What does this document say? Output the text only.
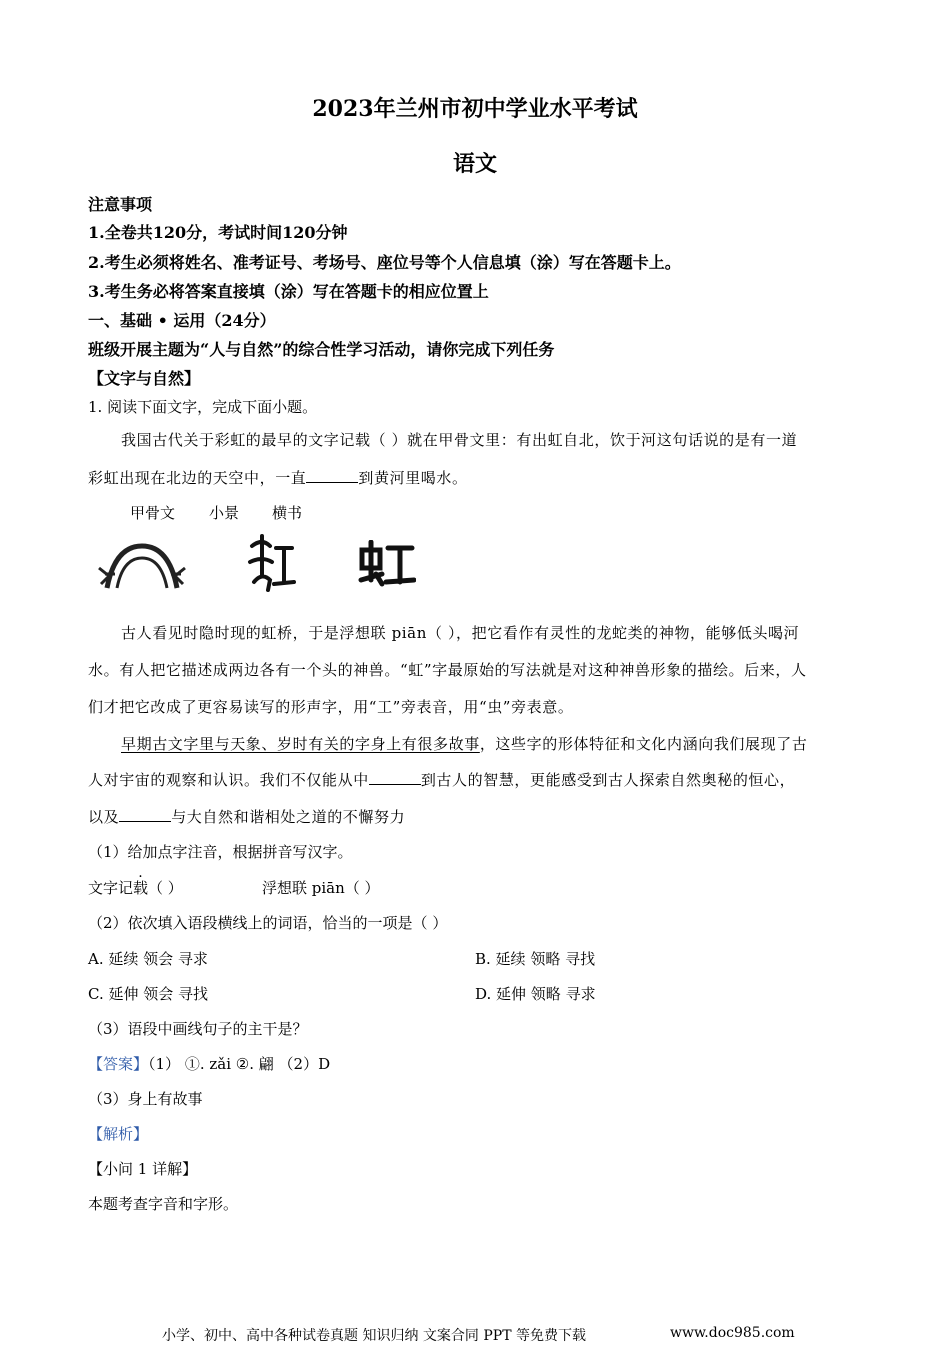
2023年兰州市初中学业水平考试
语文
注意事项
1.全卷共120分，考试时间120分钟
2.考生必须将姓名、准考证号、考场号、座位号等个人信息填（涂）写在答题卡上。
3.考生务必将答案直接填（涂）写在答题卡的相应位置上
一、基础 • 运用（24分）
班级开展主题为“人与自然”的综合性学习活动，请你完成下列任务
【文字与自然】
1. 阅读下面文字，完成下面小题。
我国古代关于彩虹的最早的文字记载（ ）就在甲骨文里：有出虹自北，饮于河这句话说的是有一道
彩虹出现在北边的天空中，一直	到黄河里喝水。
甲骨文 小景 横书
古人看见时隐时现的虹桥，于是浮想联 piān（ ），把它看作有灵性的龙蛇类的神物，能够低头喝河
水。有人把它描述成两边各有一个头的神兽。“虹”字最原始的写法就是对这种神兽形象的描绘。后来，人
们才把它改成了更容易读写的形声字，用“工”旁表音，用“虫”旁表意。
早期古文字里与天象、岁时有关的字身上有很多故事，这些字的形体特征和文化内涵向我们展现了古
人对宇宙的观察和认识。我们不仅能从中	到古人的智慧，更能感受到古人探索自然奥秘的恒心，
以及	与大自然和谐相处之道的不懈努力
（1）给加点字注音，根据拼音写汉字。
文字记载（ ）	浮想联 piān（ ）
（2）依次填入语段横线上的词语，恰当的一项是（ ）
A. 延续 领会 寻求	B. 延续 领略 寻找
C. 延伸 领会 寻找	D. 延伸 领略 寻求
（3）语段中画线句子的主干是？
【答案】（1） ①. zǎi ②. 翩 （2）D
（3）身上有故事
【解析】
【小问 1 详解】
本题考查字音和字形。
小学、初中、高中各种试卷真题 知识归纳 文案合同 PPT 等免费下载	www.doc985.com
